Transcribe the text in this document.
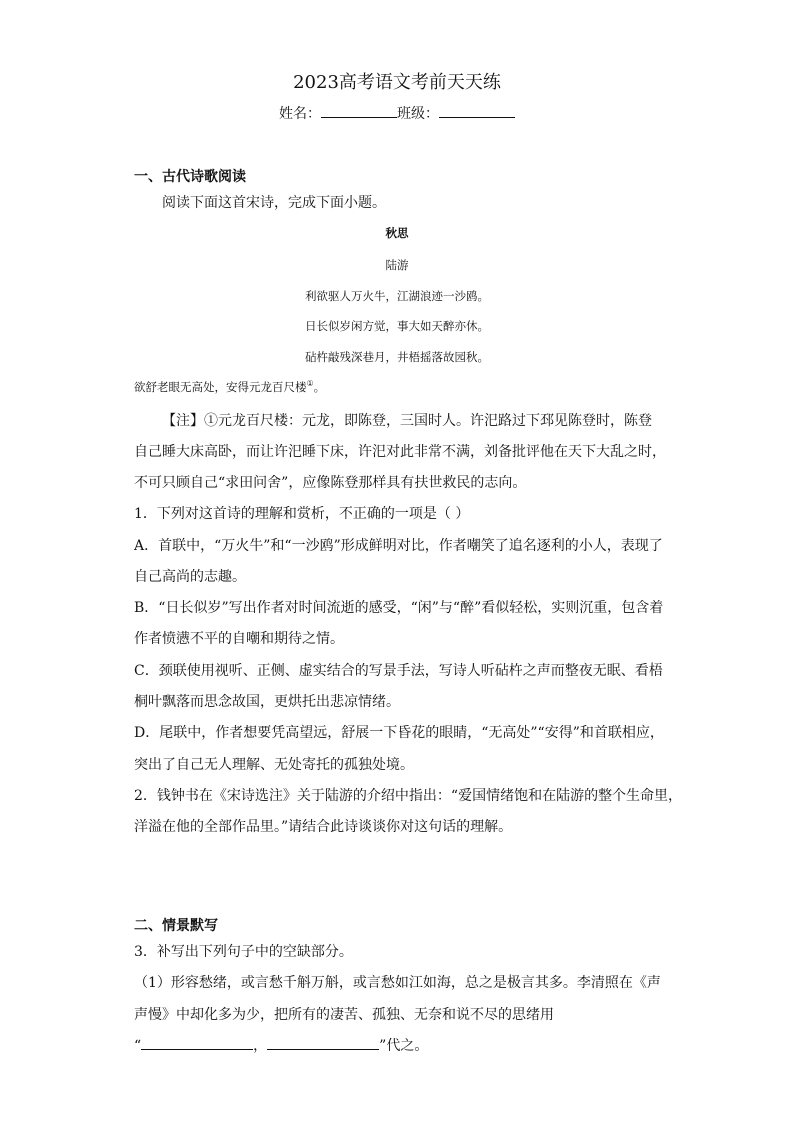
2023高考语文考前天天练
姓名：	班级：
一、古代诗歌阅读
阅读下面这首宋诗，完成下面小题。
秋思
陆游
利欲驱人万火牛，江湖浪迹一沙鸥。
日长似岁闲方觉，事大如天醉亦休。
砧杵敲残深巷月，井梧摇落故园秋。
欲舒老眼无高处，安得元龙百尺楼①。
【注】①元龙百尺楼：元龙，即陈登，三国时人。许汜路过下邳见陈登时，陈登
自己睡大床高卧，而让许汜睡下床，许汜对此非常不满，刘备批评他在天下大乱之时，
不可只顾自己“求田问舍”，应像陈登那样具有扶世救民的志向。
1．下列对这首诗的理解和赏析，不正确的一项是（ ）
A．首联中，“万火牛”和“一沙鸥”形成鲜明对比，作者嘲笑了追名逐利的小人，表现了
自己高尚的志趣。
B．“日长似岁”写出作者对时间流逝的感受，“闲”与“醉”看似轻松，实则沉重，包含着
作者愤懑不平的自嘲和期待之情。
C．颈联使用视听、正侧、虚实结合的写景手法，写诗人听砧杵之声而整夜无眠、看梧
桐叶飘落而思念故国，更烘托出悲凉情绪。
D．尾联中，作者想要凭高望远，舒展一下昏花的眼睛，“无高处”“安得”和首联相应，
突出了自己无人理解、无处寄托的孤独处境。
2．钱钟书在《宋诗选注》关于陆游的介绍中指出：“爱国情绪饱和在陆游的整个生命里，
洋溢在他的全部作品里。”请结合此诗谈谈你对这句话的理解。
二、情景默写
3．补写出下列句子中的空缺部分。
（1）形容愁绪，或言愁千斛万斛，或言愁如江如海，总之是极言其多。李清照在《声
声慢》中却化多为少，把所有的凄苦、孤独、无奈和说不尽的思绪用
“	，	”代之。
